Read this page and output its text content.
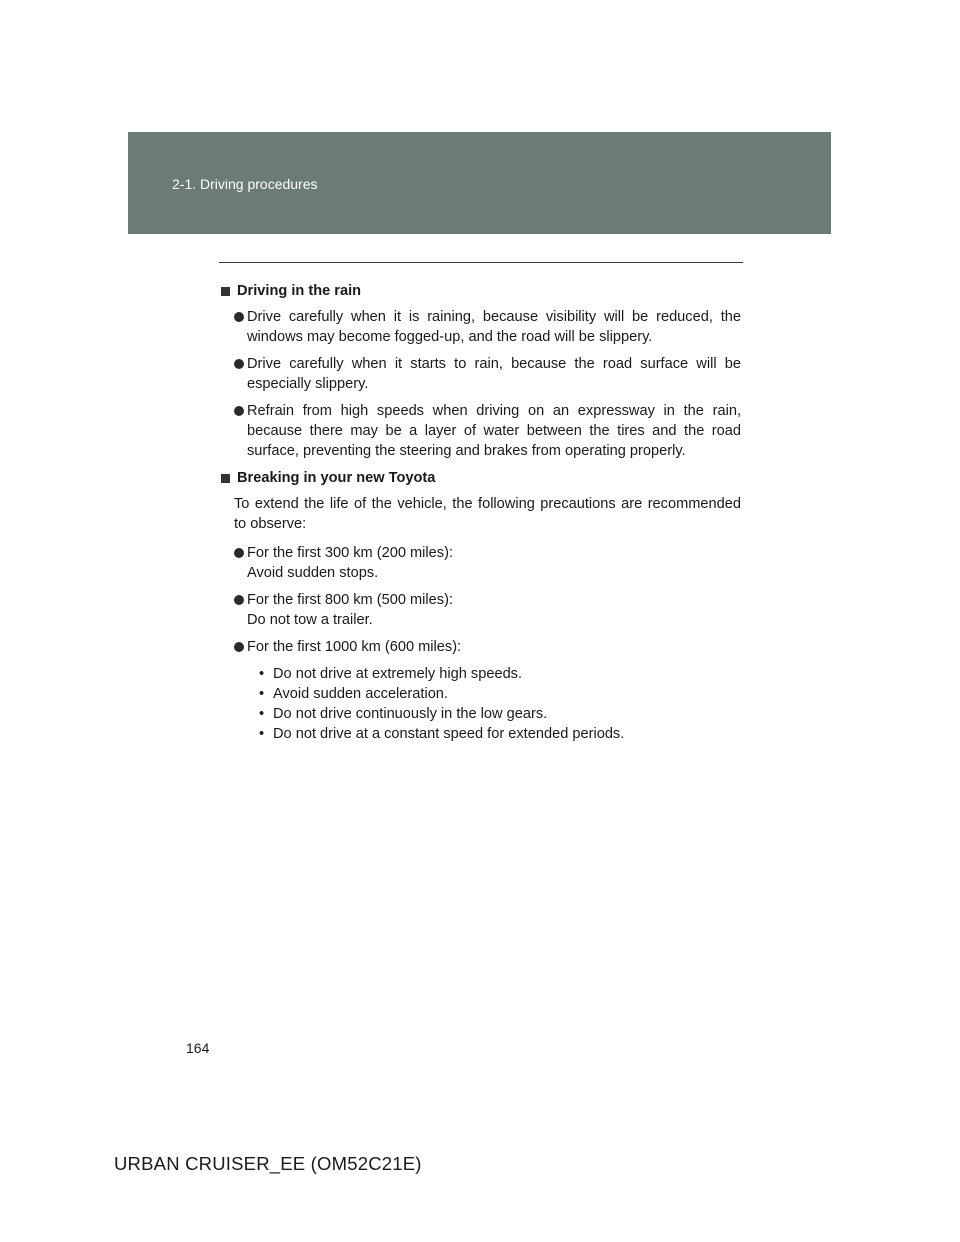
2-1. Driving procedures
Driving in the rain
Drive carefully when it is raining, because visibility will be reduced, the windows may become fogged-up, and the road will be slippery.
Drive carefully when it starts to rain, because the road surface will be especially slippery.
Refrain from high speeds when driving on an expressway in the rain, because there may be a layer of water between the tires and the road surface, preventing the steering and brakes from operating properly.
Breaking in your new Toyota
To extend the life of the vehicle, the following precautions are recommended to observe:
For the first 300 km (200 miles):
Avoid sudden stops.
For the first 800 km (500 miles):
Do not tow a trailer.
For the first 1000 km (600 miles):
• Do not drive at extremely high speeds.
• Avoid sudden acceleration.
• Do not drive continuously in the low gears.
• Do not drive at a constant speed for extended periods.
164
URBAN CRUISER_EE (OM52C21E)
